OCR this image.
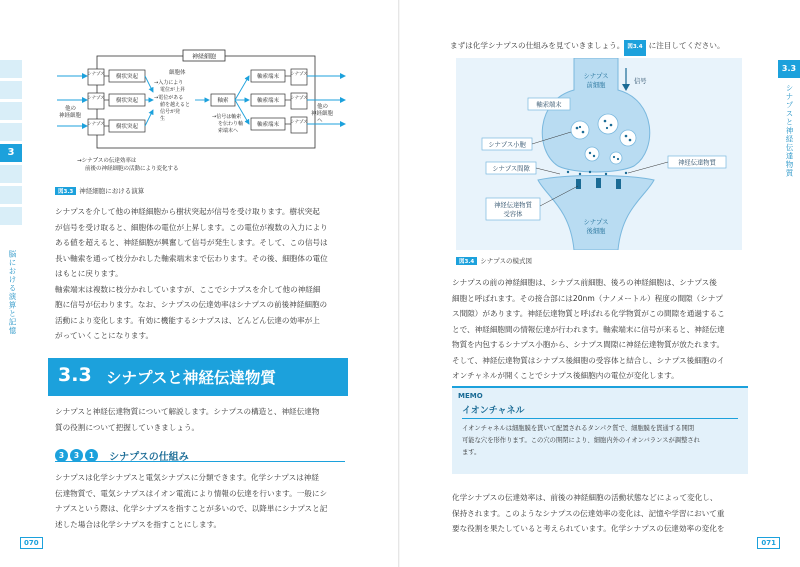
3
脳における演算と記憶
神経細胞
他の
神経細胞
シナプス
シナプス
シナプス
樹状突起
樹状突起
樹状突起
細胞体
→入力により
電位が上昇
→電位がある
値を越えると
信号が発
生
軸索
→信号は軸索
を伝わり軸
索端末へ
軸索端末
軸索端末
軸索端末
シナプス
シナプス
シナプス
他の
神経細胞
へ
→シナプスの伝達効率は
前後の神経細胞の活動により変化する
図3.3 神経細胞における演算
シナプスを介して他の神経細胞から樹状突起が信号を受け取ります。樹状突起
が信号を受け取ると、細胞体の電位が上昇します。この電位が複数の入力により
ある値を超えると、神経細胞が興奮して信号が発生します。そして、この信号は
長い軸索を通って枝分かれした軸索端末まで伝わります。その後、細胞体の電位
はもとに戻ります。
軸索端末は複数に枝分かれしていますが、ここでシナプスを介して他の神経細
胞に信号が伝わります。なお、シナプスの伝達効率はシナプスの前後神経細胞の
活動により変化します。有効に機能するシナプスは、どんどん伝達の効率が上
がっていくことになります。
3.3 シナプスと神経伝達物質
シナプスと神経伝達物質について解説します。シナプスの構造と、神経伝達物
質の役割について把握していきましょう。
3 3 1 シナプスの仕組み
シナプスは化学シナプスと電気シナプスに分類できます。化学シナプスは神経
伝達物質で、電気シナプスはイオン電流により情報の伝達を行います。一般にシ
ナプスという際は、化学シナプスを指すことが多いので、以降単にシナプスと記
述した場合は化学シナプスを指すことにします。
070
まずは化学シナプスの仕組みを見ていきましょう。 図3.4 に注目してください。
3.3
シナプスと神経伝達物質
071
シナプス
前細胞
信号
軸索端末
シナプス小胞
シナプス間隙
神経伝達物質
神経伝達物質
受容体
シナプス
後細胞
図3.4 シナプスの模式図
シナプスの前の神経細胞は、シナプス前細胞、後ろの神経細胞は、シナプス後
細胞と呼ばれます。その接合部には20nm（ナノメートル）程度の間隙（シナプ
ス間隙）があります。神経伝達物質と呼ばれる化学物質がこの間隙を通過するこ
とで、神経細胞間の情報伝達が行われます。軸索端末に信号が来ると、神経伝達
物質を内包するシナプス小胞から、シナプス間隙に神経伝達物質が放たれます。
そして、神経伝達物質はシナプス後細胞の受容体と結合し、シナプス後細胞のイ
オンチャネルが開くことでシナプス後細胞内の電位が変化します。
MEMO
イオンチャネル
イオンチャネルは細胞膜を貫いて配置されるタンパク質で、細胞膜を貫通する開閉
可能な穴を形作ります。この穴の開閉により、細胞内外のイオンバランスが調整され
ます。
化学シナプスの伝達効率は、前後の神経細胞の活動状態などによって変化し、
保持されます。このようなシナプスの伝達効率の変化は、記憶や学習において重
要な役割を果たしていると考えられています。化学シナプスの伝達効率の変化を
